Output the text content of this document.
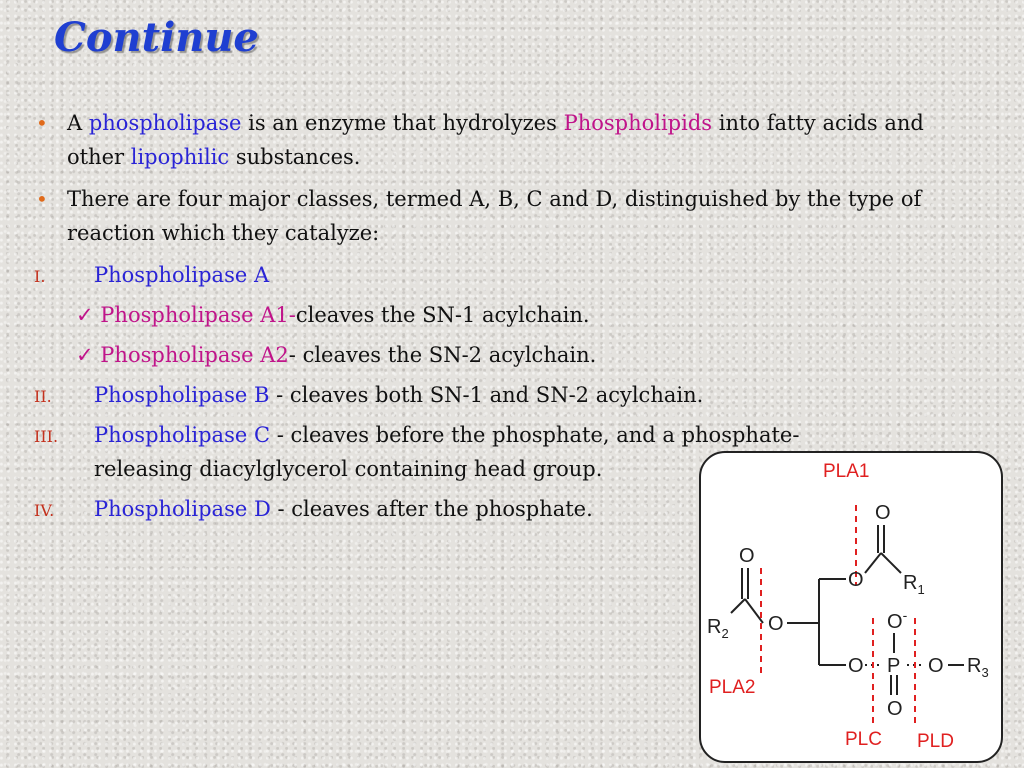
Continue

• A phospholipase is an enzyme that hydrolyzes Phospholipids into fatty acids and other lipophilic substances.

• There are four major classes, termed A, B, C and D, distinguished by the type of reaction which they catalyze:

I. Phospholipase A

✓ Phospholipase A1-cleaves the SN-1 acylchain.

✓ Phospholipase A2- cleaves the SN-2 acylchain.

II. Phospholipase B - cleaves both SN-1 and SN-2 acylchain.

III. Phospholipase C - cleaves before the phosphate, and a phosphate-releasing diacylglycerol containing head group.

IV. Phospholipase D - cleaves after the phosphate.

O
$R_2$ O
O
O
$R_1$
O
O-
P
O
O $R_3$
PLA1
PLA2
PLC PLD
